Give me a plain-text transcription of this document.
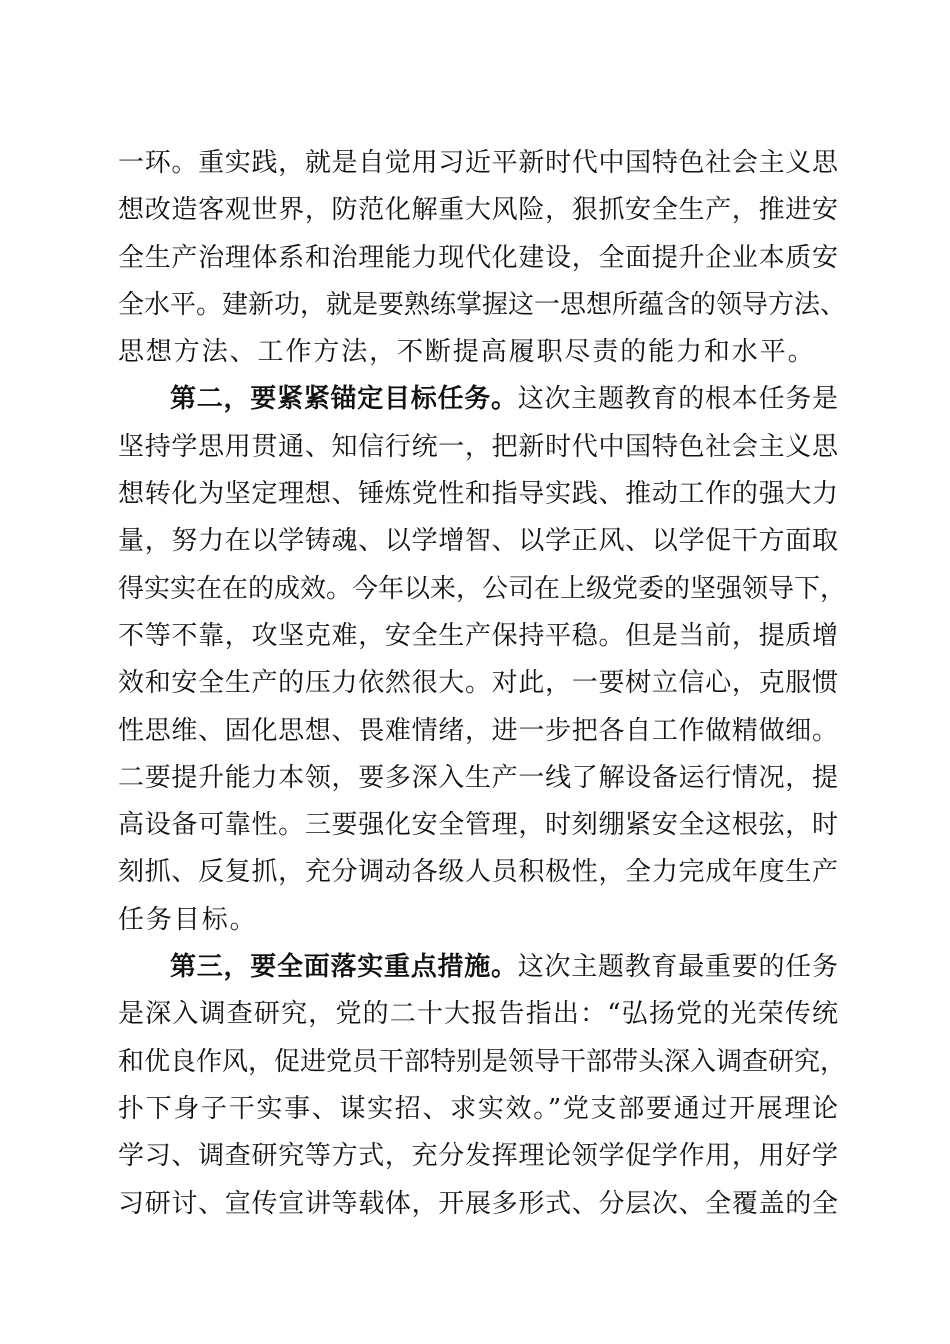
一环。重实践，就是自觉用习近平新时代中国特色社会主义思
想改造客观世界，防范化解重大风险，狠抓安全生产，推进安
全生产治理体系和治理能力现代化建设，全面提升企业本质安
全水平。建新功，就是要熟练掌握这一思想所蕴含的领导方法、
思想方法、工作方法，不断提高履职尽责的能力和水平。
第二，要紧紧锚定目标任务。这次主题教育的根本任务是
坚持学思用贯通、知信行统一，把新时代中国特色社会主义思
想转化为坚定理想、锤炼党性和指导实践、推动工作的强大力
量，努力在以学铸魂、以学增智、以学正风、以学促干方面取
得实实在在的成效。今年以来，公司在上级党委的坚强领导下，
不等不靠，攻坚克难，安全生产保持平稳。但是当前，提质增
效和安全生产的压力依然很大。对此，一要树立信心，克服惯
性思维、固化思想、畏难情绪，进一步把各自工作做精做细。
二要提升能力本领，要多深入生产一线了解设备运行情况，提
高设备可靠性。三要强化安全管理，时刻绷紧安全这根弦，时
刻抓、反复抓，充分调动各级人员积极性，全力完成年度生产
任务目标。
第三，要全面落实重点措施。这次主题教育最重要的任务
是深入调查研究，党的二十大报告指出：“弘扬党的光荣传统
和优良作风，促进党员干部特别是领导干部带头深入调查研究，
扑下身子干实事、谋实招、求实效。”党支部要通过开展理论
学习、调查研究等方式，充分发挥理论领学促学作用，用好学
习研讨、宣传宣讲等载体，开展多形式、分层次、全覆盖的全
